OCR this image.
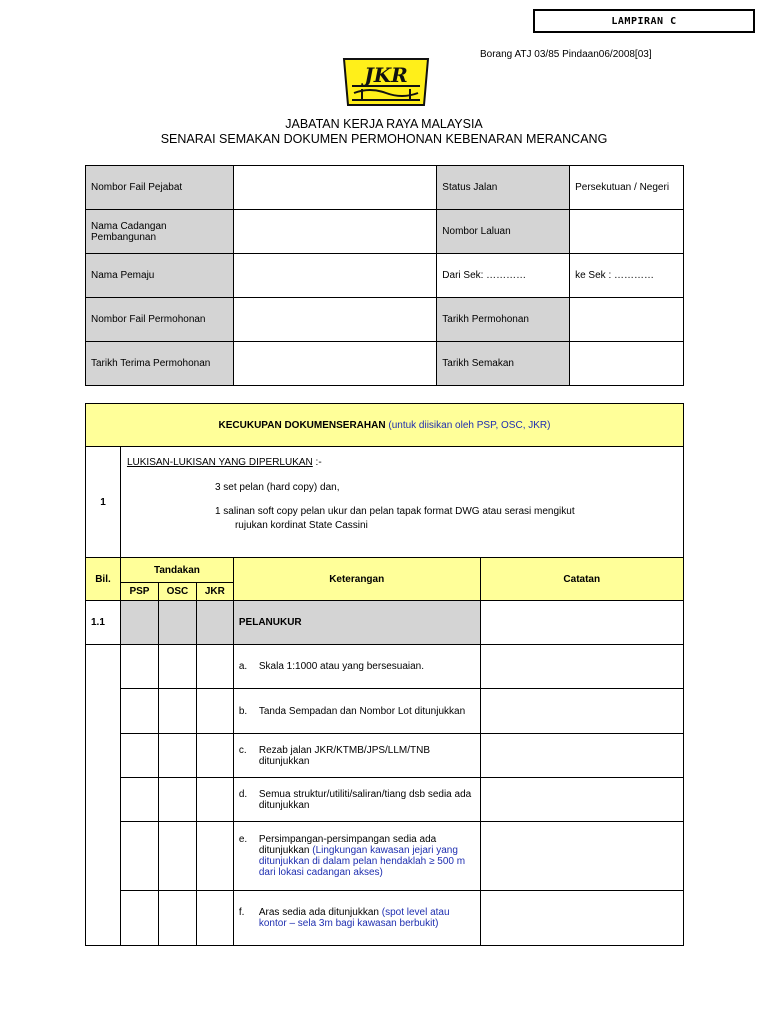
LAMPIRAN C
Borang ATJ 03/85 Pindaan06/2008[03]
JKR
JABATAN KERJA RAYA MALAYSIA
SENARAI SEMAKAN DOKUMEN PERMOHONAN KEBENARAN MERANCANG
Nombor Fail Pejabat		Status Jalan	Persekutuan / Negeri
Nama Cadangan Pembangunan		Nombor Laluan	
Nama Pemaju		Dari Sek: …………	ke Sek : …………
Nombor Fail Permohonan		Tarikh Permohonan	
Tarikh Terima Permohonan		Tarikh Semakan	
KECUKUPAN DOKUMENSERAHAN (untuk diisikan oleh PSP, OSC, JKR)					
1	LUKISAN-LUKISAN YANG DIPERLUKAN :-
3 set pelan (hard copy) dan,
1 salinan soft copy pelan ukur dan pelan tapak format DWG atau serasi mengikut
rujukan kordinat State Cassini				

Bil.	Tandakan			Keterangan	Catatan
	PSP	OSC	JKR		
1.1				PELANUKUR	

				a. Skala 1:1000 atau yang bersesuaian.	

				b. Tanda Sempadan dan Nombor Lot ditunjukkan	

				c. Rezab jalan JKR/KTMB/JPS/LLM/TNB ditunjukkan	

				d. Semua struktur/utiliti/saliran/tiang dsb sedia ada ditunjukkan	

				e. Persimpangan-persimpangan sedia ada ditunjukkan (Lingkungan kawasan jejari yang ditunjukkan di dalam pelan hendaklah ≥ 500 m dari lokasi cadangan akses)	

				f. Aras sedia ada ditunjukkan (spot level atau kontor – sela 3m bagi kawasan berbukit)	
